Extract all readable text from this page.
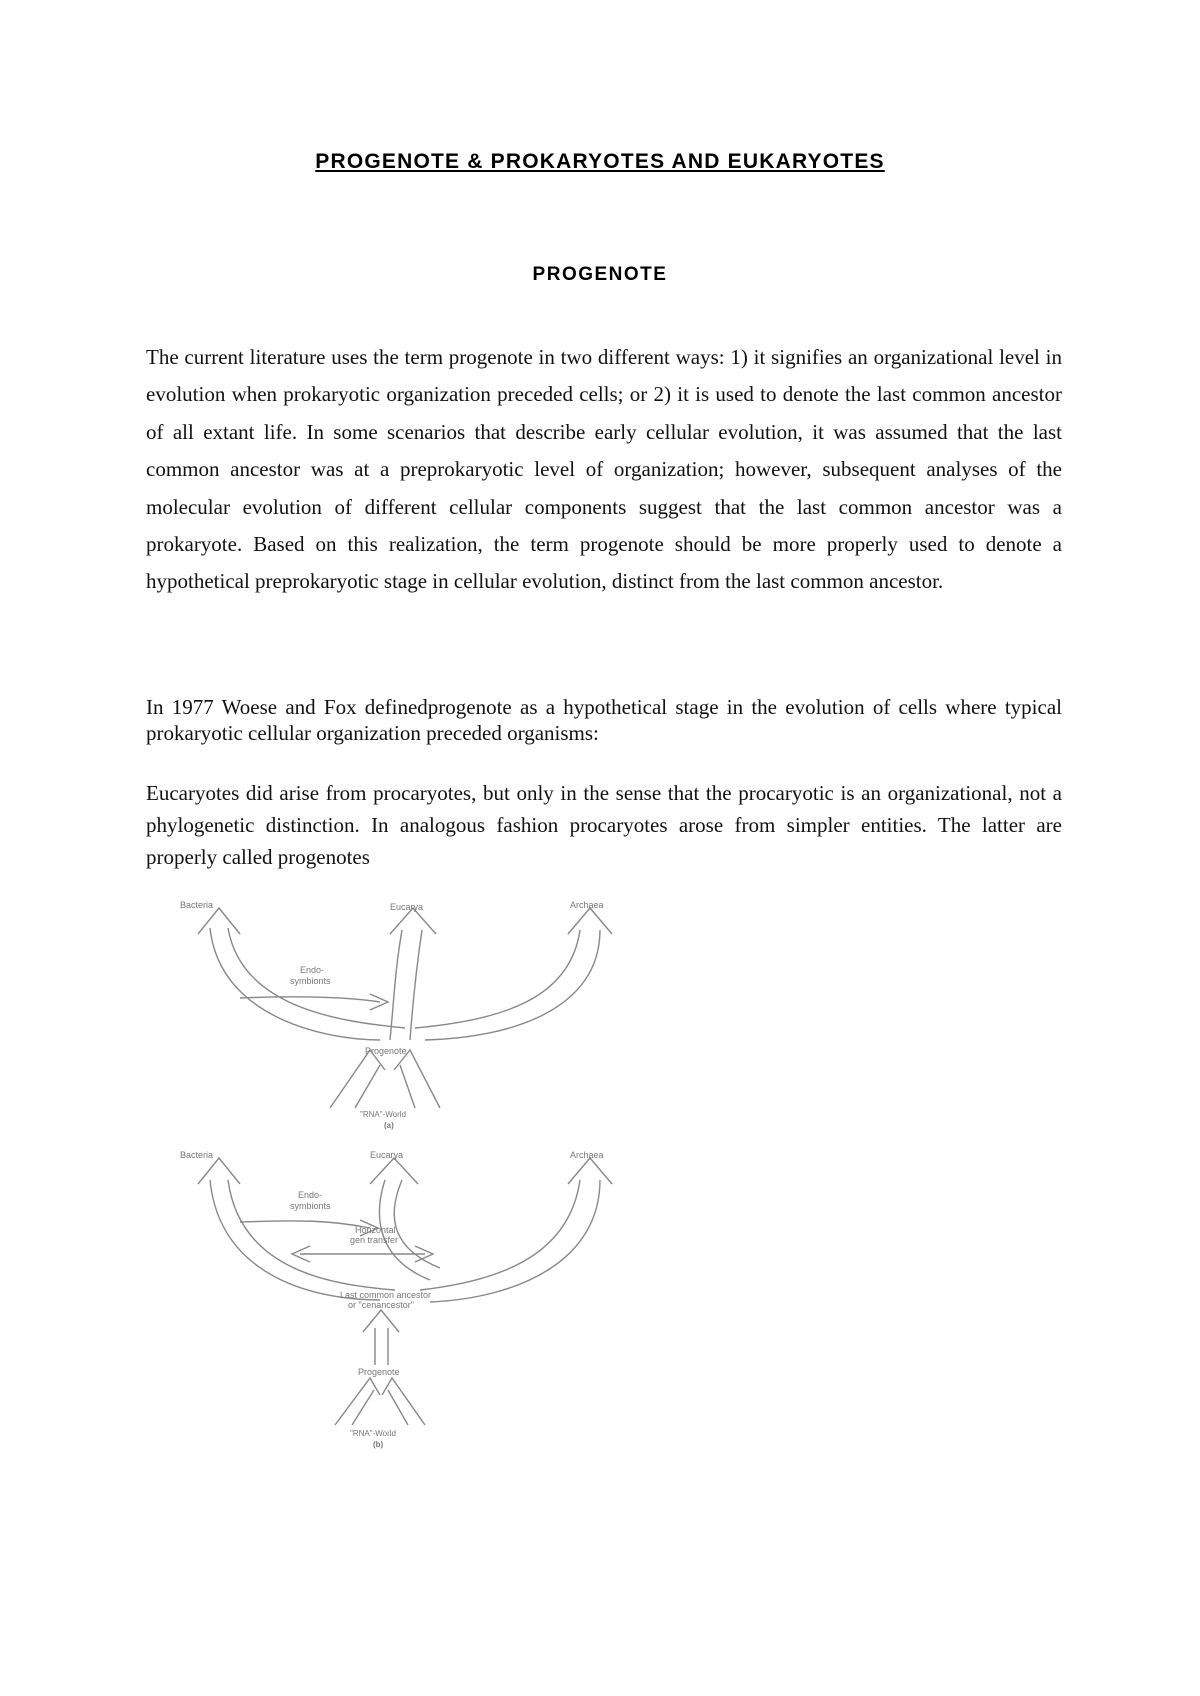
PROGENOTE & PROKARYOTES AND EUKARYOTES
PROGENOTE

The current literature uses the term progenote in two different ways: 1) it signifies an organizational level in evolution when prokaryotic organization preceded cells; or 2) it is used to denote the last common ancestor of all extant life. In some scenarios that describe early cellular evolution, it was assumed that the last common ancestor was at a preprokaryotic level of organization; however, subsequent analyses of the molecular evolution of different cellular components suggest that the last common ancestor was a prokaryote. Based on this realization, the term progenote should be more properly used to denote a hypothetical preprokaryotic stage in cellular evolution, distinct from the last common ancestor.

In 1977 Woese and Fox definedprogenote as a hypothetical stage in the evolution of cells where typical prokaryotic cellular organization preceded organisms:

Eucaryotes did arise from procaryotes, but only in the sense that the procaryotic is an organizational, not a phylogenetic distinction. In analogous fashion procaryotes arose from simpler entities. The latter are properly called progenotes

Bacteria	Eucarya	Archaea
Endo-
symbionts
Progenote
"RNA"-World
(a)
Bacteria	Eucarya	Archaea
Endo-
symbionts
Horizontal
gen transfer
Last common ancestor
or "cenancestor"
Progenote
"RNA"-World
(b)
